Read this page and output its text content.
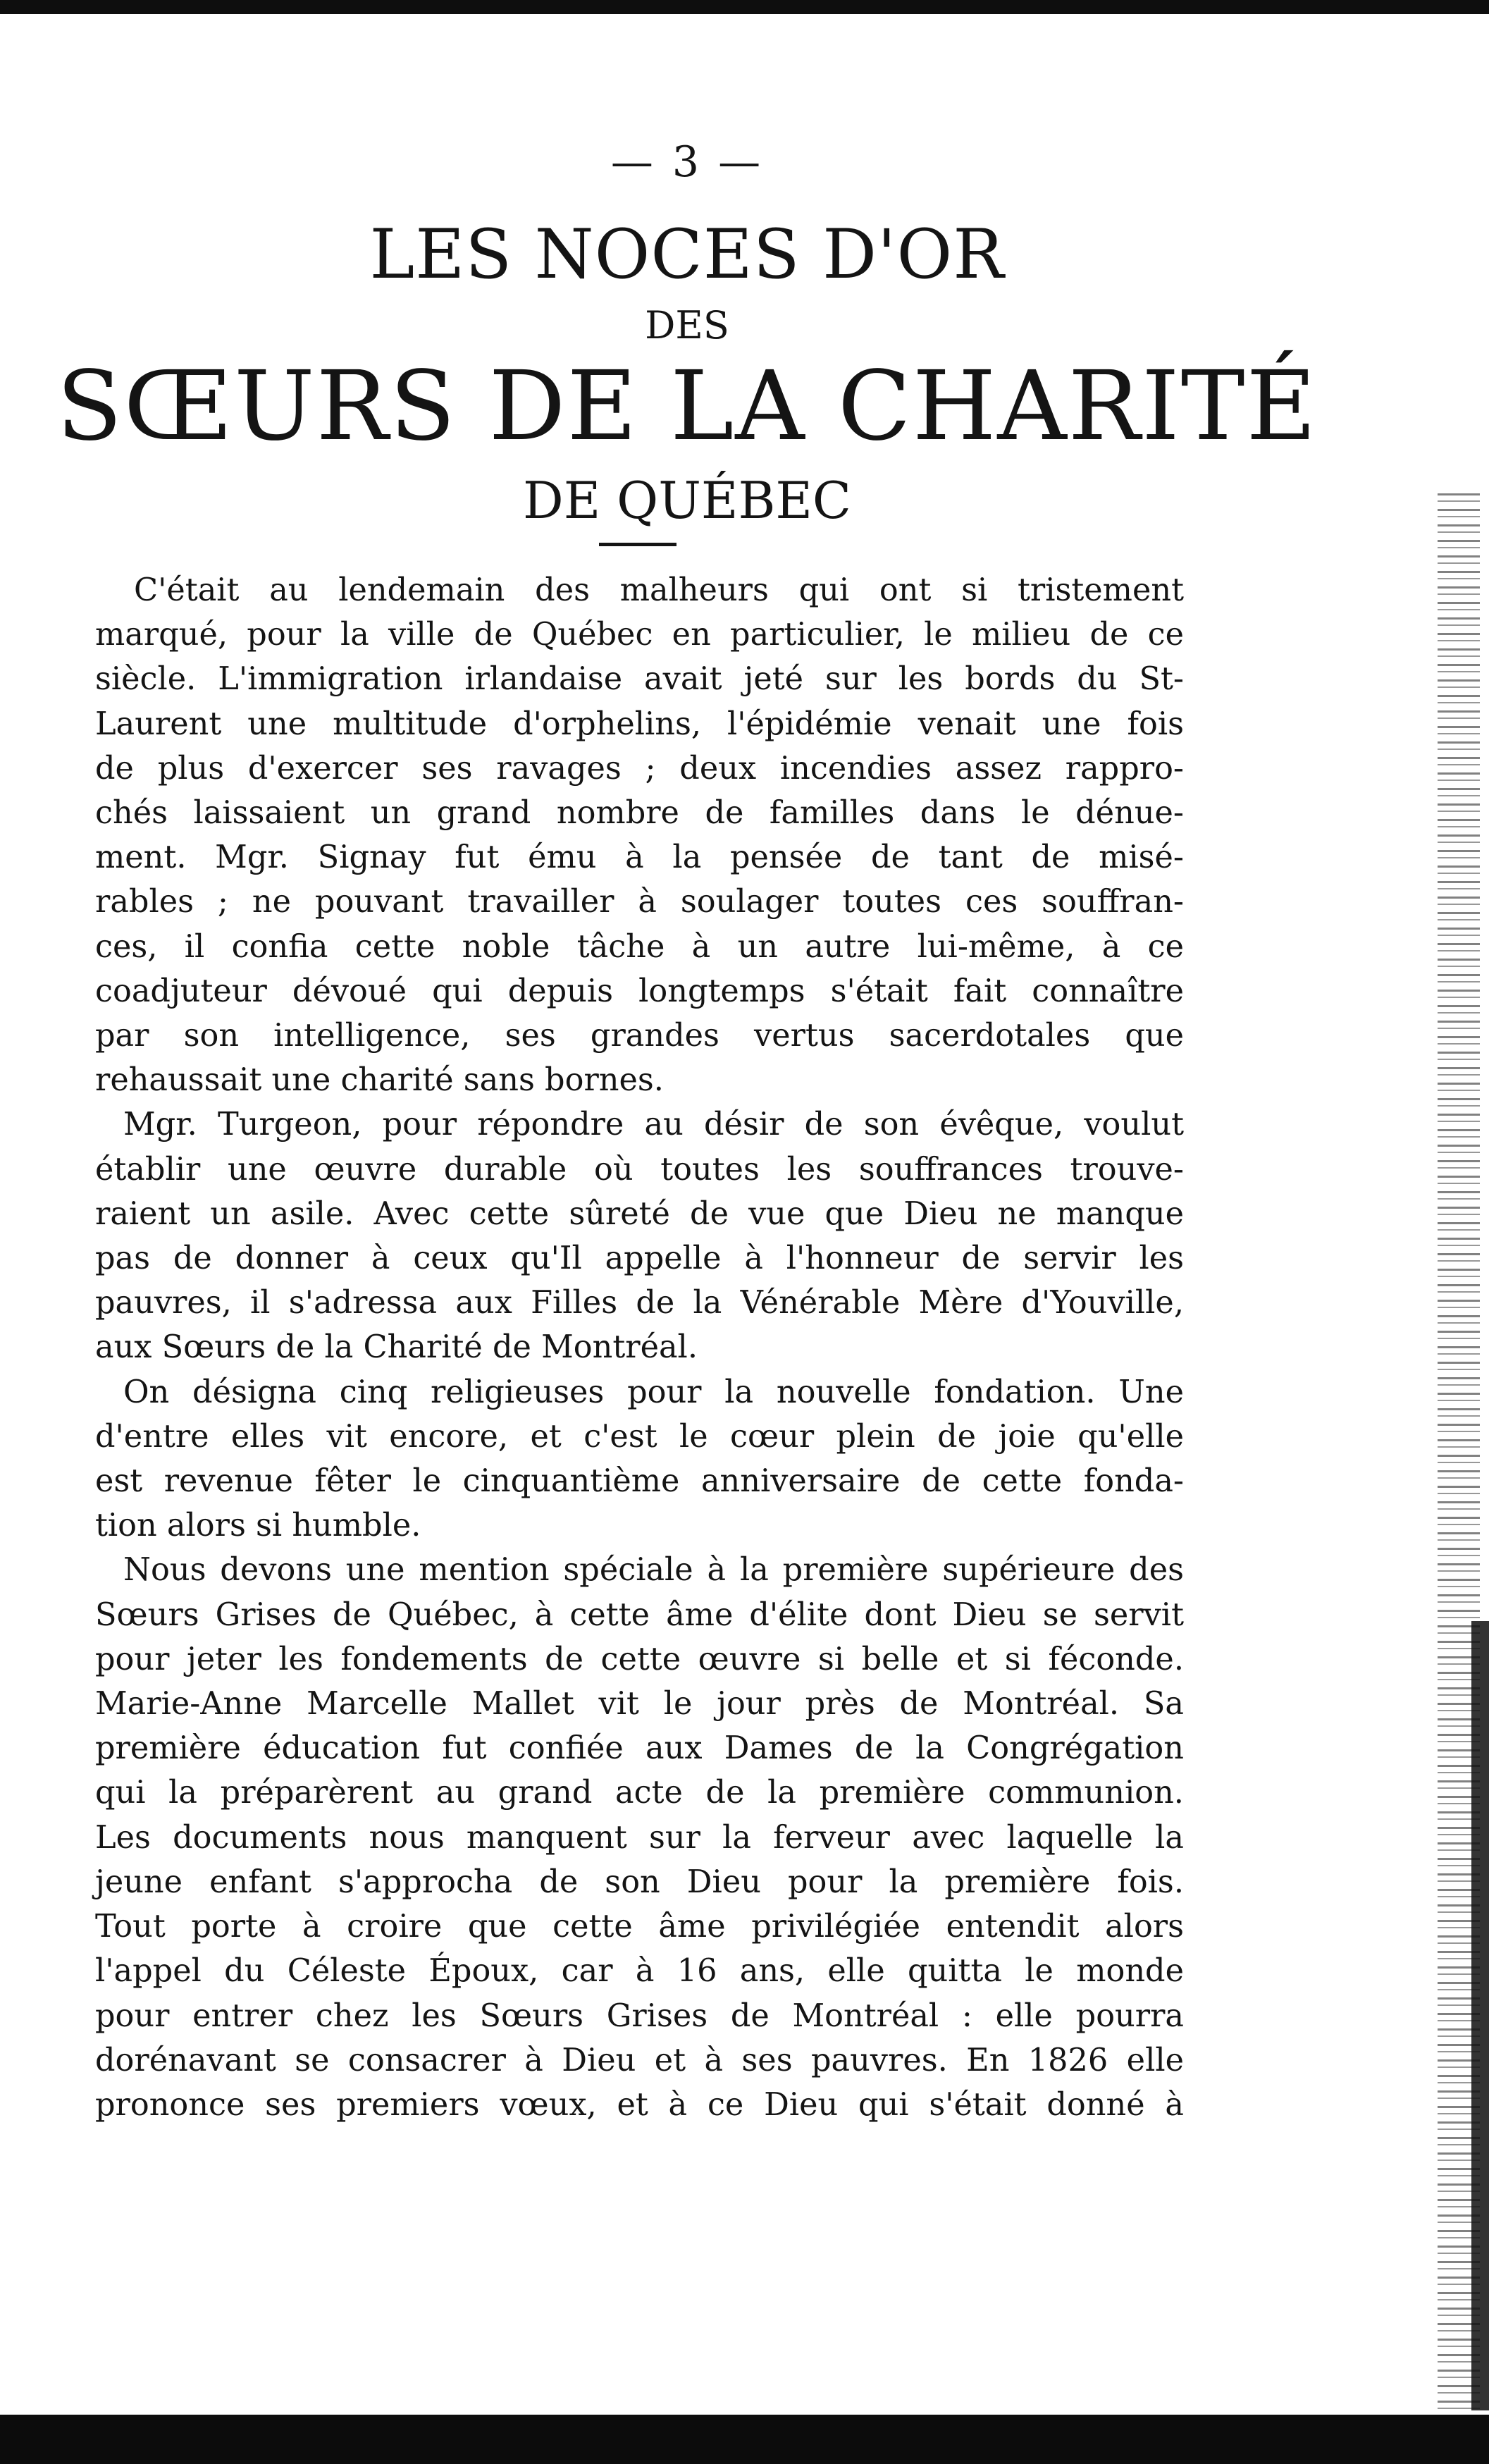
— 3 —
LES NOCES D'OR
DES
SŒURS DE LA CHARITÉ
DE QUÉBEC
C'était au lendemain des malheurs qui ont si tristement
marqué, pour la ville de Québec en particulier, le milieu de ce
siècle. L'immigration irlandaise avait jeté sur les bords du St-
Laurent une multitude d'orphelins, l'épidémie venait une fois
de plus d'exercer ses ravages ; deux incendies assez rappro-
chés laissaient un grand nombre de familles dans le dénue-
ment. Mgr. Signay fut ému à la pensée de tant de misé-
rables ; ne pouvant travailler à soulager toutes ces souffran-
ces, il confia cette noble tâche à un autre lui-même, à ce
coadjuteur dévoué qui depuis longtemps s'était fait connaître
par son intelligence, ses grandes vertus sacerdotales que
rehaussait une charité sans bornes.
Mgr. Turgeon, pour répondre au désir de son évêque, voulut
établir une œuvre durable où toutes les souffrances trouve-
raient un asile. Avec cette sûreté de vue que Dieu ne manque
pas de donner à ceux qu'Il appelle à l'honneur de servir les
pauvres, il s'adressa aux Filles de la Vénérable Mère d'Youville,
aux Sœurs de la Charité de Montréal.
On désigna cinq religieuses pour la nouvelle fondation. Une
d'entre elles vit encore, et c'est le cœur plein de joie qu'elle
est revenue fêter le cinquantième anniversaire de cette fonda-
tion alors si humble.
Nous devons une mention spéciale à la première supérieure des
Sœurs Grises de Québec, à cette âme d'élite dont Dieu se servit
pour jeter les fondements de cette œuvre si belle et si féconde.
Marie-Anne Marcelle Mallet vit le jour près de Montréal. Sa
première éducation fut confiée aux Dames de la Congrégation
qui la préparèrent au grand acte de la première communion.
Les documents nous manquent sur la ferveur avec laquelle la
jeune enfant s'approcha de son Dieu pour la première fois.
Tout porte à croire que cette âme privilégiée entendit alors
l'appel du Céleste Époux, car à 16 ans, elle quitta le monde
pour entrer chez les Sœurs Grises de Montréal : elle pourra
dorénavant se consacrer à Dieu et à ses pauvres. En 1826 elle
prononce ses premiers vœux, et à ce Dieu qui s'était donné à
